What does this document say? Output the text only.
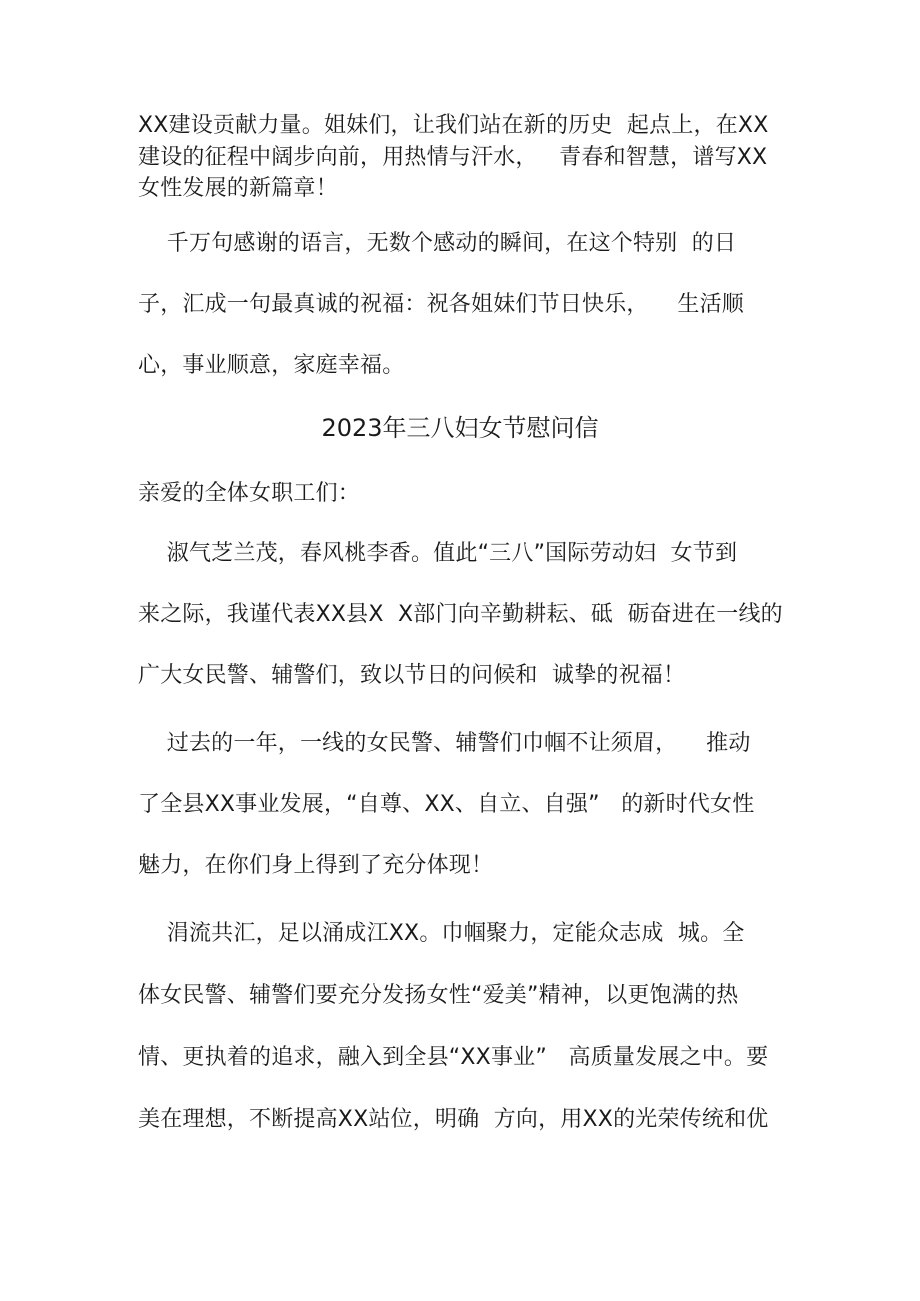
XX建设贡献力量。姐妹们，让我们站在新的历史  起点上，在XX
建设的征程中阔步向前，用热情与汗水，   青春和智慧，谱写XX
女性发展的新篇章！
千万句感谢的语言，无数个感动的瞬间，在这个特别  的日
子，汇成一句最真诚的祝福：祝各姐妹们节日快乐，    生活顺
心，事业顺意，家庭幸福。
2023年三八妇女节慰问信
亲爱的全体女职工们：
淑气芝兰茂，春风桃李香。值此“三八”国际劳动妇  女节到
来之际，我谨代表XX县X  X部门向辛勤耕耘、砥  砺奋进在一线的
广大女民警、辅警们，致以节日的问候和  诚挚的祝福！
过去的一年，一线的女民警、辅警们巾帼不让须眉，    推动
了全县XX事业发展，“自尊、XX、自立、自强”   的新时代女性
魅力，在你们身上得到了充分体现！
涓流共汇，足以涌成江XX。巾帼聚力，定能众志成  城。全
体女民警、辅警们要充分发扬女性“爱美”精神，以更饱满的热
情、更执着的追求，融入到全县“XX事业”   高质量发展之中。要
美在理想，不断提高XX站位，明确  方向，用XX的光荣传统和优
